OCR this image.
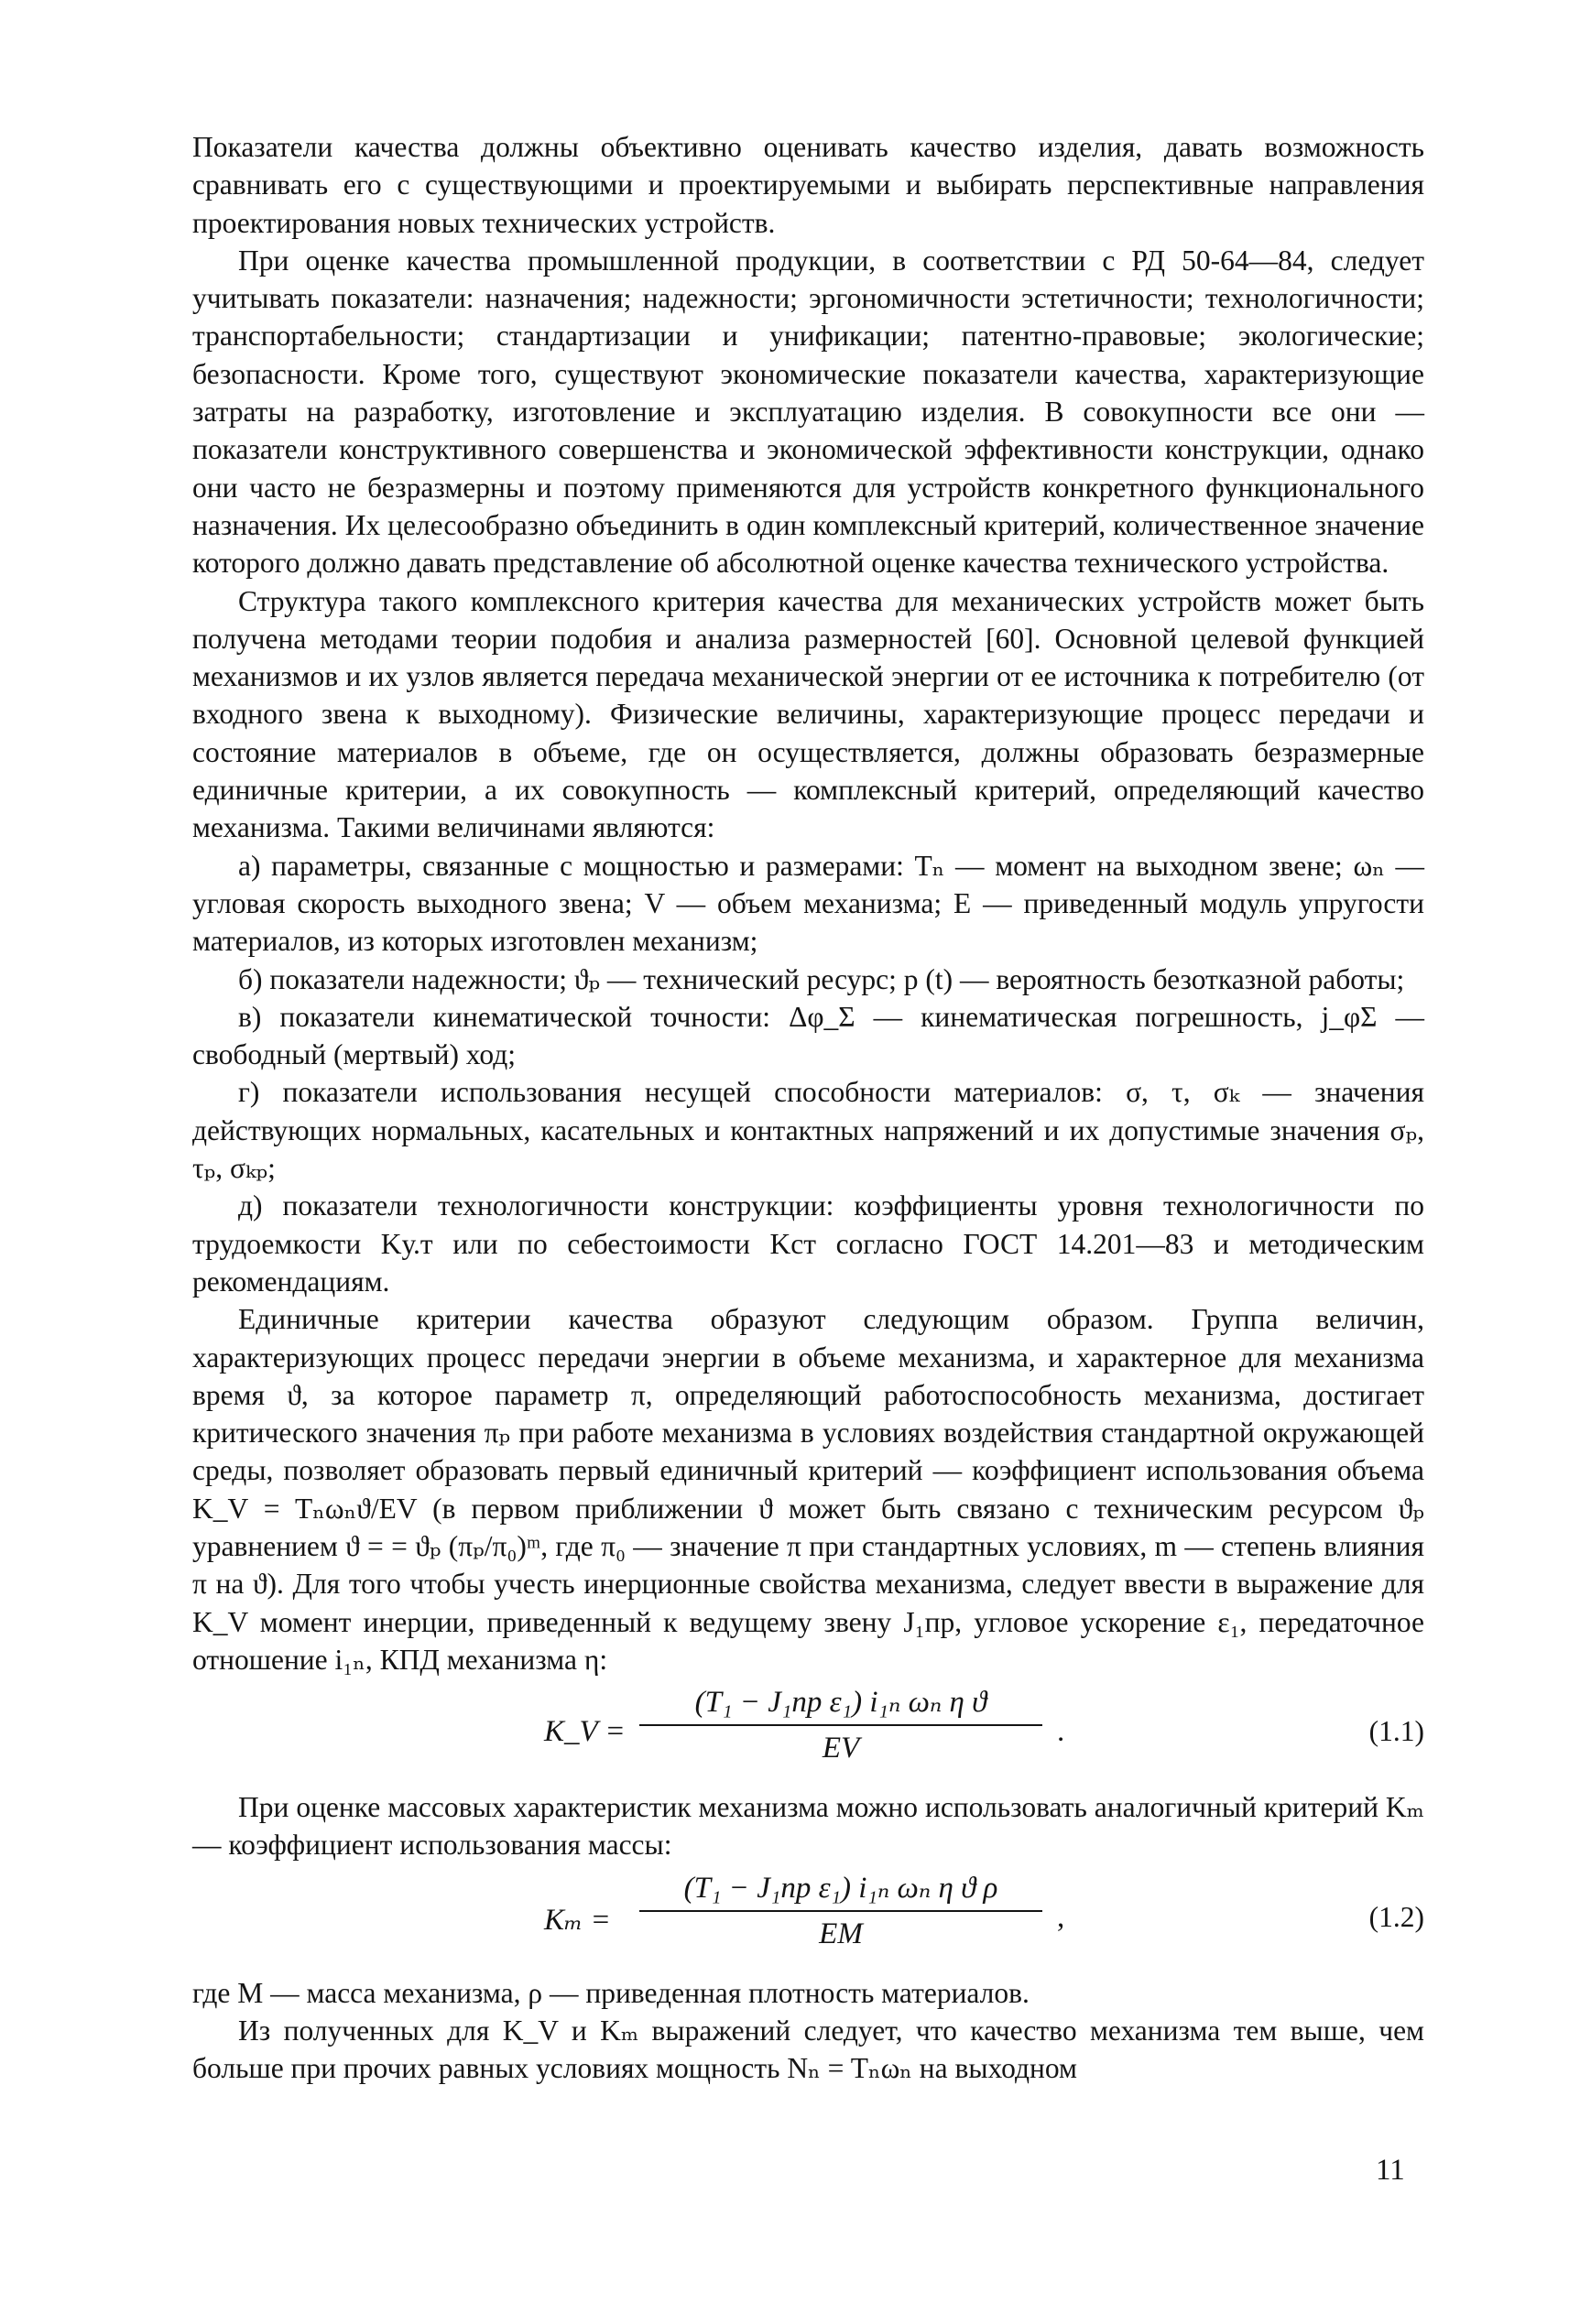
Показатели качества должны объективно оценивать качество изделия, давать возможность сравнивать его с существующими и проектируемыми и выбирать перспективные направления проектирования новых технических устройств.

При оценке качества промышленной продукции, в соответствии с РД 50-64—84, следует учитывать показатели: назначения; надежности; эргономичности эстетичности; технологичности; транспортабельности; стандартизации и унификации; патентно-правовые; экологические; безопасности. Кроме того, существуют экономические показатели качества, характеризующие затраты на разработку, изготовление и эксплуатацию изделия. В совокупности все они — показатели конструктивного совершенства и экономической эффективности конструкции, однако они часто не безразмерны и поэтому применяются для устройств конкретного функционального назначения. Их целесообразно объединить в один комплексный критерий, количественное значение которого должно давать представление об абсолютной оценке качества технического устройства.

Структура такого комплексного критерия качества для механических устройств может быть получена методами теории подобия и анализа размерностей [60]. Основной целевой функцией механизмов и их узлов является передача механической энергии от ее источника к потребителю (от входного звена к выходному). Физические величины, характеризующие процесс передачи и состояние материалов в объеме, где он осуществляется, должны образовать безразмерные единичные критерии, а их совокупность — комплексный критерий, определяющий качество механизма. Такими величинами являются:

а) параметры, связанные с мощностью и размерами: Tₙ — момент на выходном звене; ωₙ — угловая скорость выходного звена; V — объем механизма; E — приведенный модуль упругости материалов, из которых изготовлен механизм;

б) показатели надежности; ϑₚ — технический ресурс; p (t) — вероятность безотказной работы;

в) показатели кинематической точности: Δφ_Σ — кинематическая погрешность, j_φΣ — свободный (мертвый) ход;

г) показатели использования несущей способности материалов: σ, τ, σₖ — значения действующих нормальных, касательных и контактных напряжений и их допустимые значения σₚ, τₚ, σₖₚ;

д) показатели технологичности конструкции: коэффициенты уровня технологичности по трудоемкости Kу.т или по себестоимости Kст согласно ГОСТ 14.201—83 и методическим рекомендациям.

Единичные критерии качества образуют следующим образом. Группа величин, характеризующих процесс передачи энергии в объеме механизма, и характерное для механизма время ϑ, за которое параметр π, определяющий работоспособность механизма, достигает критического значения πₚ при работе механизма в условиях воздействия стандартной окружающей среды, позволяет образовать первый единичный критерий — коэффициент использования объема K_V = Tₙωₙϑ/EV (в первом приближении ϑ может быть связано с техническим ресурсом ϑₚ уравнением ϑ = = ϑₚ (πₚ/π₀)ᵐ, где π₀ — значение π при стандартных условиях, m — степень влияния π на ϑ). Для того чтобы учесть инерционные свойства механизма, следует ввести в выражение для K_V момент инерции, приведенный к ведущему звену J₁пр, угловое ускорение ε₁, передаточное отношение i₁ₙ, КПД механизма η:

K_V =
(T₁ − J₁пр ε₁) i₁ₙ ωₙ η ϑ
EV	.	(1.1)

При оценке массовых характеристик механизма можно использовать аналогичный критерий Kₘ — коэффициент использования массы:

Kₘ =
(T₁ − J₁пр ε₁) i₁ₙ ωₙ η ϑ ρ
EM	,	(1.2)

где M — масса механизма, ρ — приведенная плотность материалов.

Из полученных для K_V и Kₘ выражений следует, что качество механизма тем выше, чем больше при прочих равных условиях мощность Nₙ = Tₙωₙ на выходном

11
